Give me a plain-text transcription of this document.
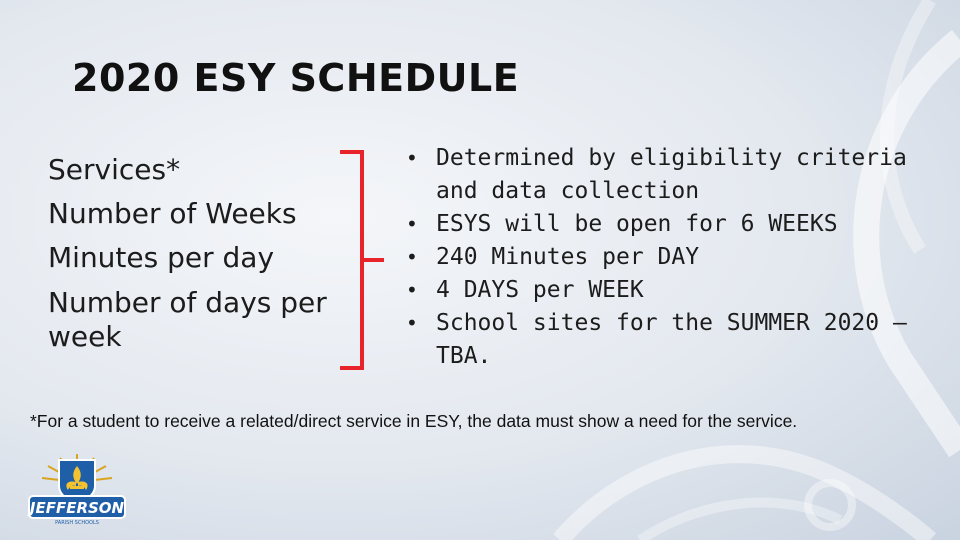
2020 ESY SCHEDULE
Services*
Number of Weeks
Minutes per day
Number of days per week
• Determined by eligibility criteria and data collection
• ESYS will be open for 6 WEEKS
• 240 Minutes per DAY
• 4 DAYS per WEEK
• School sites for the SUMMER 2020 – TBA.
*For a student to receive a related/direct service in ESY, the data must show a need for the service.
JEFFERSON
PARISH SCHOOLS
